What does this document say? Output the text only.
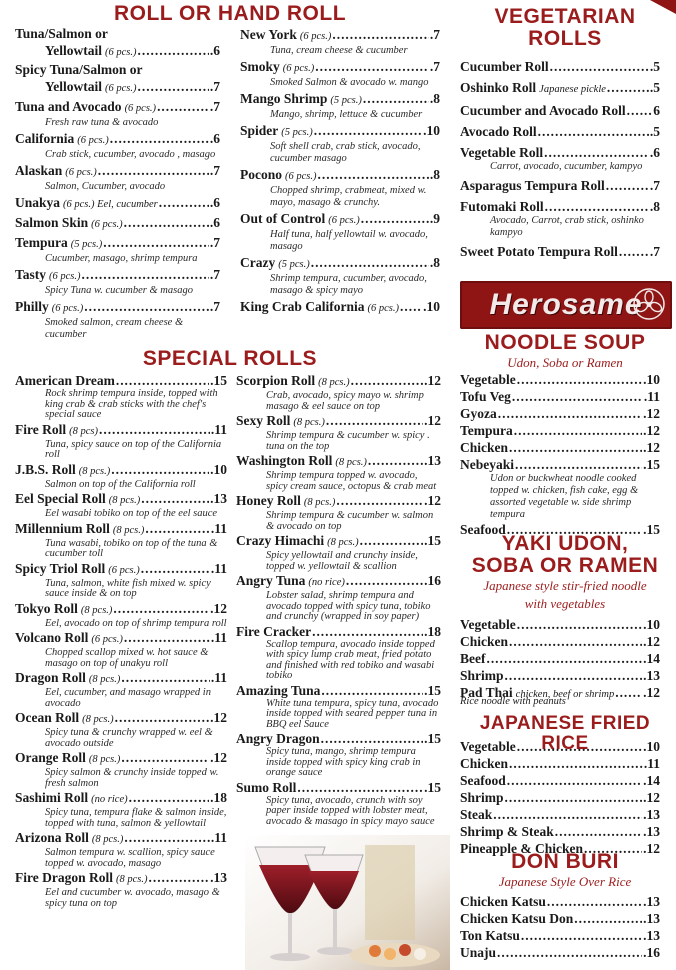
ROLL OR HAND ROLL
Tuna/Salmon or
Yellowtail (6 pcs.) . . .	.6
Spicy Tuna/Salmon or
Yellowtail (6 pcs.) . . .	.7
Tuna and Avocado (6 pcs.) . . .	.7
Fresh raw tuna & avocado
California (6 pcs.) . . .	.6
Crab stick, cucumber, avocado , masago
Alaskan (6 pcs.) . . .	.7
Salmon, Cucumber, avocado
Unakya (6 pcs.) Eel, cucumber . . .	.6
Salmon Skin (6 pcs.) . . .	.6
Tempura (5 pcs.) . . .	.7
Cucumber, masago, shrimp tempura
Tasty (6 pcs.) . . .	.7
Spicy Tuna w. cucumber & masago
Philly (6 pcs.) . . .	.7
Smoked salmon, cream cheese & cucumber
New York (6 pcs.) . . .	.7
Tuna, cream cheese & cucumber
Smoky (6 pcs.) . . .	.7
Smoked Salmon & avocado w. mango
Mango Shrimp (5 pcs.) . . .	.8
Mango, shrimp, lettuce & cucumber
Spider (5 pcs.) . . .	.10
Soft shell crab, crab stick, avocado, cucumber masago
Pocono (6 pcs.) . . .	.8
Chopped shrimp, crabmeat, mixed w. mayo, masago & crunchy.
Out of Control (6 pcs.) . . .	.9
Half tuna, half yellowtail w. avocado, masago
Crazy (5 pcs.) . . .	.8
Shrimp tempura, cucumber, avocado, masago & spicy mayo
King Crab California (6 pcs.) . . . .10
SPECIAL ROLLS
American Dream . . .	.15
Rock shrimp tempura inside, topped with king crab & crab sticks with the chef's special sauce
Fire Roll (8 pcs) . . .	.11
Tuna, spicy sauce on top of the California roll
J.B.S. Roll (8 pcs.) . . .	.10
Salmon on top of the California roll
Eel Special Roll (8 pcs.) . . .	.13
Eel wasabi tobiko on top of the eel sauce
Millennium Roll (8 pcs.) . . .	.11
Tuna wasabi, tobiko on top of the tuna & cucumber toll
Spicy Triol Roll (6 pcs.) . . .	.11
Tuna, salmon, white fish mixed w. spicy sauce inside & on top
Tokyo Roll (8 pcs.) . . .	.12
Eel, avocado on top of shrimp tempura roll
Volcano Roll (6 pcs.) . . .	.11
Chopped scallop mixed w. hot sauce & masago on top of unakyu roll
Dragon Roll (8 pcs.) . . .	.11
Eel, cucumber, and masago wrapped in avocado
Ocean Roll (8 pcs.) . . .	.12
Spicy tuna & crunchy wrapped w. eel & avocado outside
Orange Roll (8 pcs.) . . .	.12
Spicy salmon & crunchy inside topped w. fresh salmon
Sashimi Roll (no rice) . . .	.18
Spicy tuna, tempura flake & salmon inside, topped with tuna, salmon & yellowtail
Arizona Roll (8 pcs.) . . .	.11
Salmon tempura w. scallion, spicy sauce topped w. avocado, masago
Fire Dragon Roll (8 pcs.) . . .	.13
Eel and cucumber w. avocado, masago & spicy tuna on top
Scorpion Roll (8 pcs.) . . .	.12
Crab, avocado, spicy mayo w. shrimp masago & eel sauce on top
Sexy Roll (8 pcs.) . . .	.12
Shrimp tempura & cucumber w. spicy . tuna on the top
Washington Roll (8 pcs.) . . .	.13
Shrimp tempura topped w. avocado, spicy cream sauce, octopus & crab meat
Honey Roll (8 pcs.) . . .	.12
Shrimp tempura & cucumber w. salmon & avocado on top
Crazy Himachi (8 pcs.) . . .	.15
Spicy yellowtail and crunchy inside, topped w. yellowtail & scallion
Angry Tuna (no rice) . . .	.16
Lobster salad, shrimp tempura and avocado topped with spicy tuna, tobiko and crunchy (wrapped in soy paper)
Fire Cracker . . .	.18
Scallop tempura, avocado inside topped with spicy lump crab meat, fried potato and finished with red tobiko and wasabi tobiko
Amazing Tuna . . .	.15
White tuna tempura, spicy tuna, avocado inside topped with seared pepper tuna in BBQ eel Sauce
Angry Dragon . . .	.15
Spicy tuna, mango, shrimp tempura inside topped with spicy king crab in orange sauce
Sumo Roll . . .	.15
Spicy tuna, avocado, crunch with soy paper inside topped with lobster meat, avocado & masago in spicy mayo sauce
VEGETARIAN
ROLLS
Cucumber Roll . . .	.5
Oshinko Roll Japanese pickle . . .	.5
Cucumber and Avocado Roll . . . 6
Avocado Roll . . .	.5
Vegetable Roll . . .	.6
Carrot, avocado, cucumber, kampyo
Asparagus Tempura Roll . . .	.7
Futomaki Roll . . .	.8
Avocado, Carrot, crab stick, oshinko kampyo
Sweet Potato Tempura Roll . . . .7
Herosame
NOODLE SOUP

Udon, Soba or Ramen

Vegetable . . .	.10
Tofu Veg . . .	.11
Gyoza . . .	.12
Tempura . . .	.12
Chicken . . .	.12
Nebeyaki . . .	.15
Udon or buckwheat noodle cooked topped w. chicken, fish cake, egg & assorted vegetable w. side shrimp tempura
Seafood . . .	.15
YAKI UDON,
SOBA OR RAMEN

Japanese style stir-fried noodle

with vegetables

Vegetable . . .	.10
Chicken . . .	.12
Beef . . .	.14
Shrimp . . .	.13
Pad Thai chicken, beef or shrimp . . . .12
Rice noodle with peanuts
JAPANESE FRIED RICE
Vegetable . . .	.10
Chicken . . .	.11
Seafood . . .	.14
Shrimp . . .	.12
Steak . . .	.13
Shrimp & Steak . . .	.13
Pineapple & Chicken . . .	.12
DON BURI

Japanese Style Over Rice

Chicken Katsu . . .	.13
Chicken Katsu Don . . .	.13
Ton Katsu . . .	.13
Unaju . . .	.16
